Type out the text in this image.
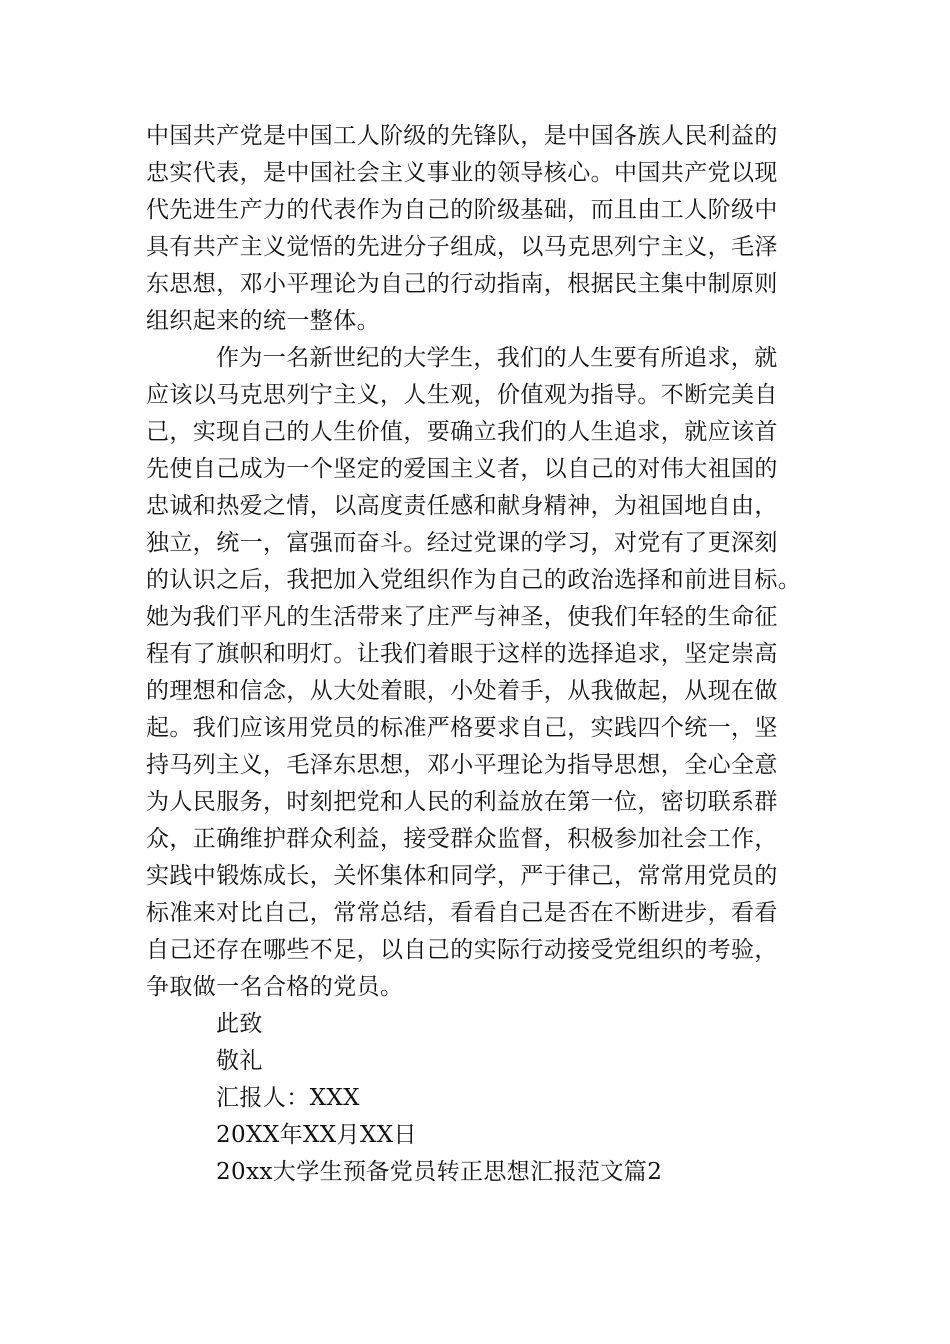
中国共产党是中国工人阶级的先锋队，是中国各族人民利益的
忠实代表，是中国社会主义事业的领导核心。中国共产党以现
代先进生产力的代表作为自己的阶级基础，而且由工人阶级中
具有共产主义觉悟的先进分子组成，以马克思列宁主义，毛泽
东思想，邓小平理论为自己的行动指南，根据民主集中制原则
组织起来的统一整体。
作为一名新世纪的大学生，我们的人生要有所追求，就
应该以马克思列宁主义，人生观，价值观为指导。不断完美自
己，实现自己的人生价值，要确立我们的人生追求，就应该首
先使自己成为一个坚定的爱国主义者，以自己的对伟大祖国的
忠诚和热爱之情，以高度责任感和献身精神，为祖国地自由，
独立，统一，富强而奋斗。经过党课的学习，对党有了更深刻
的认识之后，我把加入党组织作为自己的政治选择和前进目标。
她为我们平凡的生活带来了庄严与神圣，使我们年轻的生命征
程有了旗帜和明灯。让我们着眼于这样的选择追求，坚定崇高
的理想和信念，从大处着眼，小处着手，从我做起，从现在做
起。我们应该用党员的标准严格要求自己，实践四个统一，坚
持马列主义，毛泽东思想，邓小平理论为指导思想，全心全意
为人民服务，时刻把党和人民的利益放在第一位，密切联系群
众，正确维护群众利益，接受群众监督，积极参加社会工作，
实践中锻炼成长，关怀集体和同学，严于律己，常常用党员的
标准来对比自己，常常总结，看看自己是否在不断进步，看看
自己还存在哪些不足，以自己的实际行动接受党组织的考验，
争取做一名合格的党员。
此致
敬礼
汇报人：XXX
20XX年XX月XX日
20xx大学生预备党员转正思想汇报范文篇2
